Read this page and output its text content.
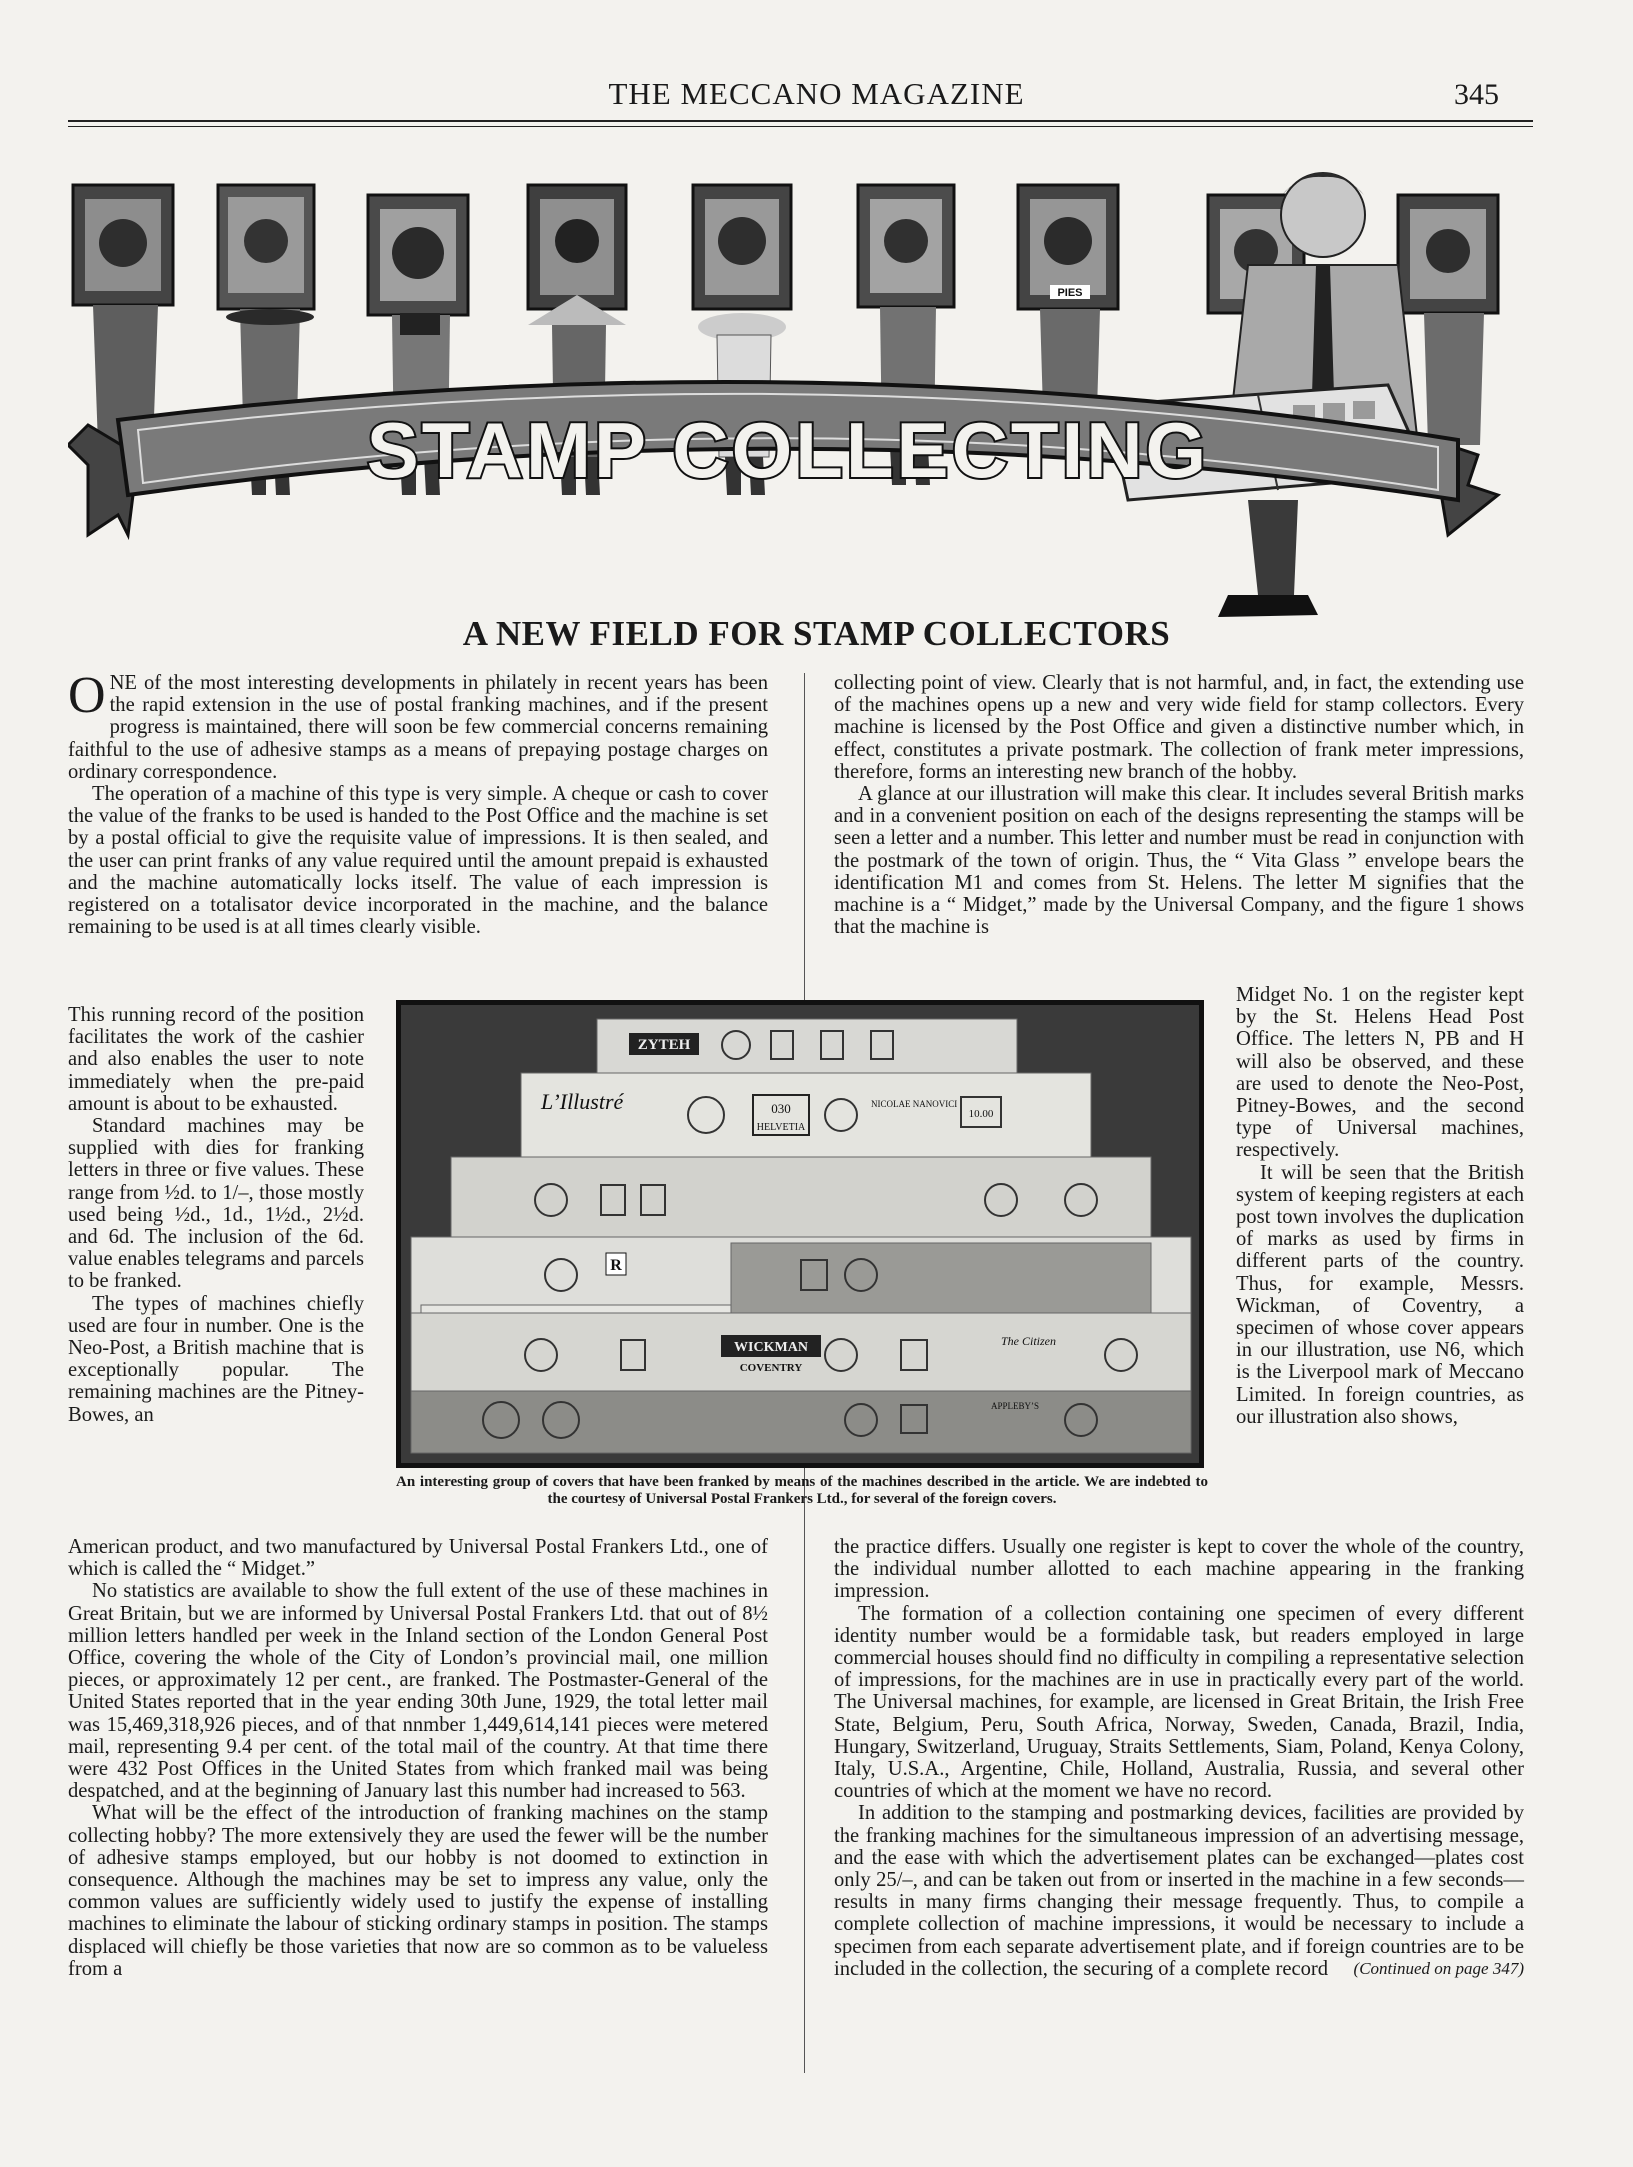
THE MECCANO MAGAZINE	345
PIES
STAMP COLLECTING
A NEW FIELD FOR STAMP COLLECTORS

ONE of the most interesting developments in philately in recent years has been the rapid extension in the use of postal franking machines, and if the present progress is maintained, there will soon be few commercial concerns remaining faithful to the use of adhesive stamps as a means of prepaying postage charges on ordinary correspondence.

The operation of a machine of this type is very simple. A cheque or cash to cover the value of the franks to be used is handed to the Post Office and the machine is set by a postal official to give the requisite value of impressions. It is then sealed, and the user can print franks of any value required until the amount prepaid is exhausted and the machine automatically locks itself. The value of each impression is registered on a totalisator device incorporated in the machine, and the balance remaining to be used is at all times clearly visible.

This running record of the position facilitates the work of the cashier and also enables the user to note immediately when the pre-paid amount is about to be exhausted.

Standard machines may be supplied with dies for franking letters in three or five values. These range from ½d. to 1/–, those mostly used being ½d., 1d., 1½d., 2½d. and 6d. The inclusion of the 6d. value enables telegrams and parcels to be franked.

The types of machines chiefly used are four in number. One is the Neo-Post, a British machine that is exceptionally popular. The remaining machines are the Pitney-Bowes, an

American product, and two manufactured by Universal Postal Frankers Ltd., one of which is called the “ Midget.”

No statistics are available to show the full extent of the use of these machines in Great Britain, but we are informed by Universal Postal Frankers Ltd. that out of 8½ million letters handled per week in the Inland section of the London General Post Office, covering the whole of the City of London’s provincial mail, one million pieces, or approximately 12 per cent., are franked. The Postmaster-General of the United States reported that in the year ending 30th June, 1929, the total letter mail was 15,469,318,926 pieces, and of that nnmber 1,449,614,141 pieces were metered mail, representing 9.4 per cent. of the total mail of the country. At that time there were 432 Post Offices in the United States from which franked mail was being despatched, and at the beginning of January last this number had increased to 563.

What will be the effect of the introduction of franking machines on the stamp collecting hobby? The more extensively they are used the fewer will be the number of adhesive stamps employed, but our hobby is not doomed to extinction in consequence. Although the machines may be set to impress any value, only the common values are sufficiently widely used to justify the expense of installing machines to eliminate the labour of sticking ordinary stamps in position. The stamps displaced will chiefly be those varieties that now are so common as to be valueless from a

collecting point of view. Clearly that is not harmful, and, in fact, the extending use of the machines opens up a new and very wide field for stamp collectors. Every machine is licensed by the Post Office and given a distinctive number which, in effect, constitutes a private postmark. The collection of frank meter impressions, therefore, forms an interesting new branch of the hobby.

A glance at our illustration will make this clear. It includes several British marks and in a convenient position on each of the designs representing the stamps will be seen a letter and a number. This letter and number must be read in conjunction with the postmark of the town of origin. Thus, the “ Vita Glass ” envelope bears the identification M1 and comes from St. Helens. The letter M signifies that the machine is a “ Midget,” made by the Universal Company, and the figure 1 shows that the machine is

Midget No. 1 on the register kept by the St. Helens Head Post Office. The letters N, PB and H will also be observed, and these are used to denote the Neo-Post, Pitney-Bowes, and the second type of Universal machines, respectively.

It will be seen that the British system of keeping registers at each post town involves the duplication of marks as used by firms in different parts of the country. Thus, for example, Messrs. Wickman, of Coventry, a specimen of whose cover appears in our illustration, use N6, which is the Liverpool mark of Meccano Limited. In foreign countries, as our illustration also shows,

the practice differs. Usually one register is kept to cover the whole of the country, the individual number allotted to each machine appearing in the franking impression.

The formation of a collection containing one specimen of every different identity number would be a formidable task, but readers employed in large commercial houses should find no difficulty in compiling a representative selection of impressions, for the machines are in use in practically every part of the world. The Universal machines, for example, are licensed in Great Britain, the Irish Free State, Belgium, Peru, South Africa, Norway, Sweden, Canada, Brazil, India, Hungary, Switzerland, Uruguay, Straits Settlements, Siam, Poland, Kenya Colony, Italy, U.S.A., Argentine, Chile, Holland, Australia, Russia, and several other countries of which at the moment we have no record.

In addition to the stamping and postmarking devices, facilities are provided by the franking machines for the simultaneous impression of an advertising message, and the ease with which the advertisement plates can be exchanged—plates cost only 25/–, and can be taken out from or inserted in the machine in a few seconds—results in many firms changing their message frequently. Thus, to compile a complete collection of machine impressions, it would be necessary to include a specimen from each separate advertisement plate, and if foreign countries are to be included in the collection, the securing of a complete record	(Continued on page 347)

ZYTEH
L’Illustré	030
HELVETIA
NICOLAE NANOVICI
10.00
R
WICKMAN
COVENTRY
The Citizen
APPLEBY’S
An interesting group of covers that have been franked by means of the machines described in the article. We are indebted to the courtesy of Universal Postal Frankers Ltd., for several of the foreign covers.
